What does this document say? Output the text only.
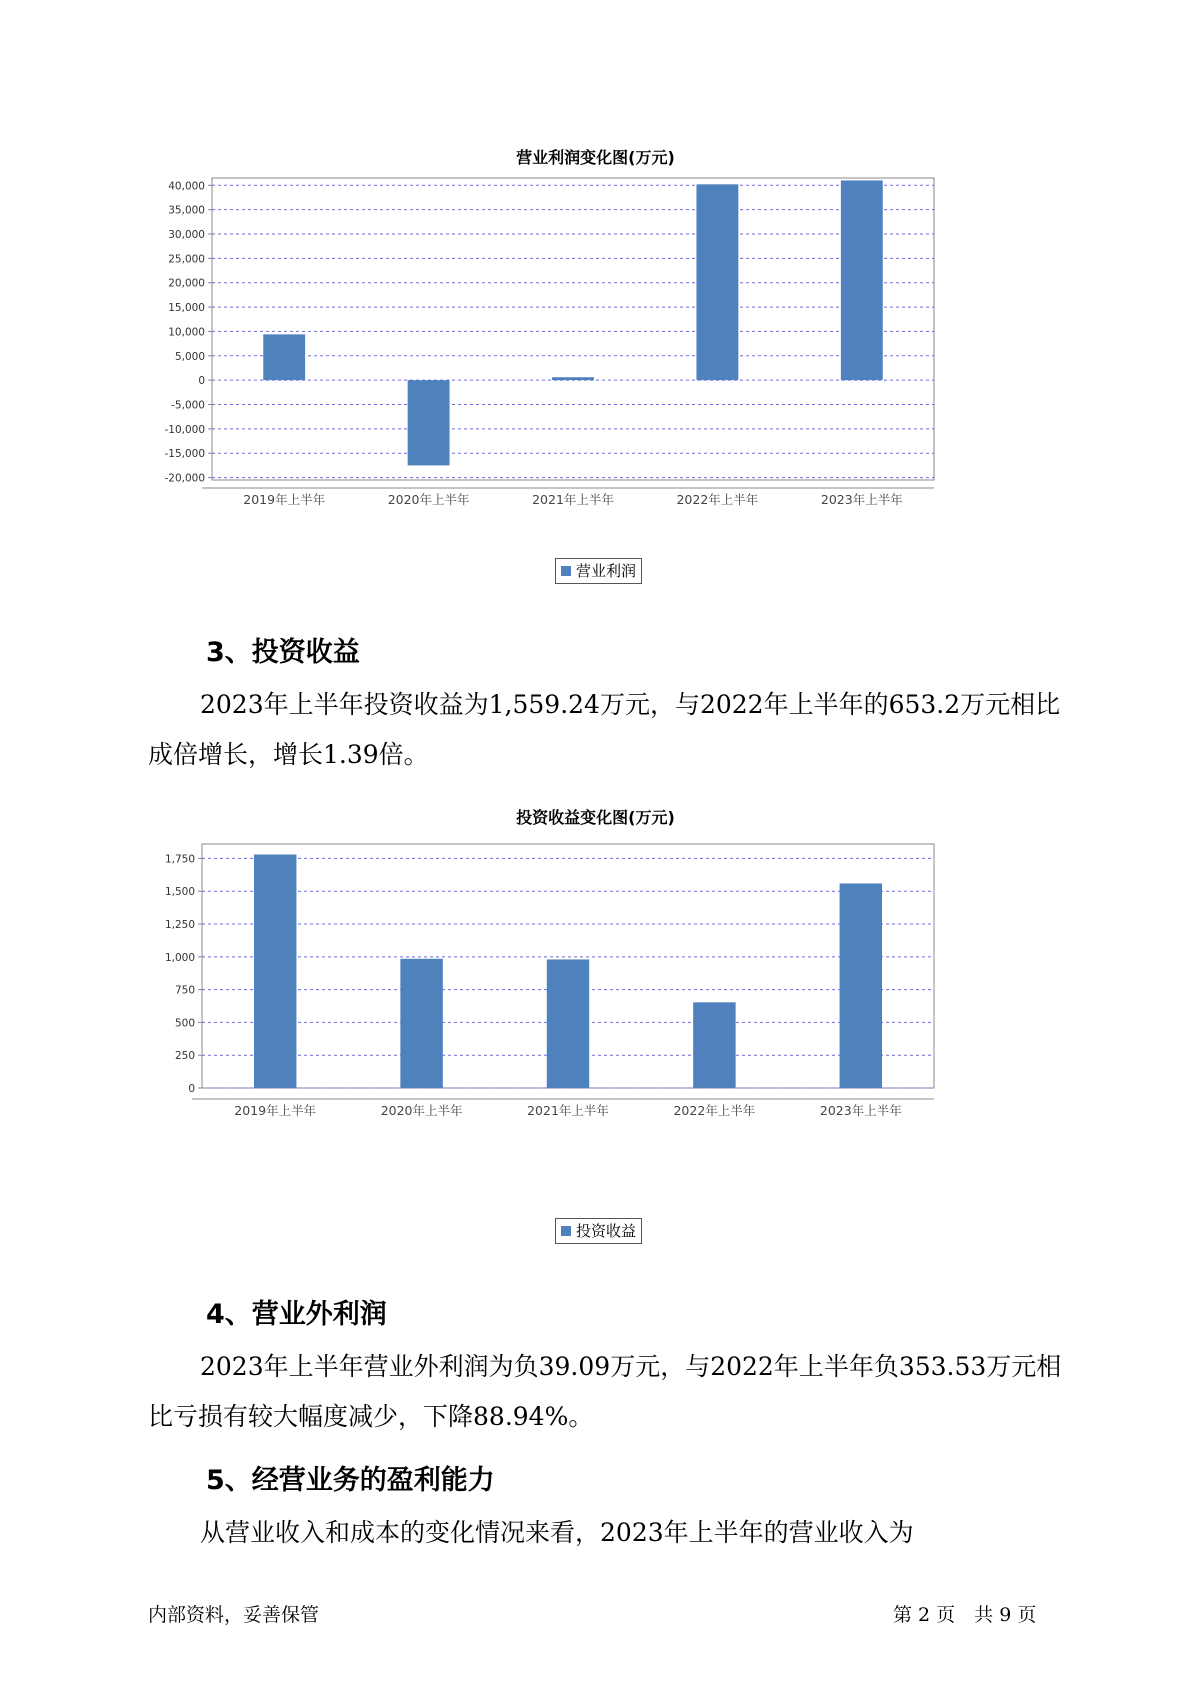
营业利润变化图(万元)
40,000
35,000
30,000
25,000
20,000
15,000
10,000
5,000
0
-5,000
-10,000
-15,000
-20,000
2019年上半年	2020年上半年	2021年上半年	2022年上半年	2023年上半年
营业利润
3、投资收益

2023年上半年投资收益为1,559.24万元，与2022年上半年的653.2万元相比成倍增长，增长1.39倍。

投资收益变化图(万元)
1,750
1,500
1,250
1,000
750
500
250
0
2019年上半年	2020年上半年	2021年上半年	2022年上半年	2023年上半年
投资收益
4、营业外利润

2023年上半年营业外利润为负39.09万元，与2022年上半年负353.53万元相比亏损有较大幅度减少，下降88.94%。

5、经营业务的盈利能力

从营业收入和成本的变化情况来看，2023年上半年的营业收入为

内部资料，妥善保管	第 2 页　共 9 页
